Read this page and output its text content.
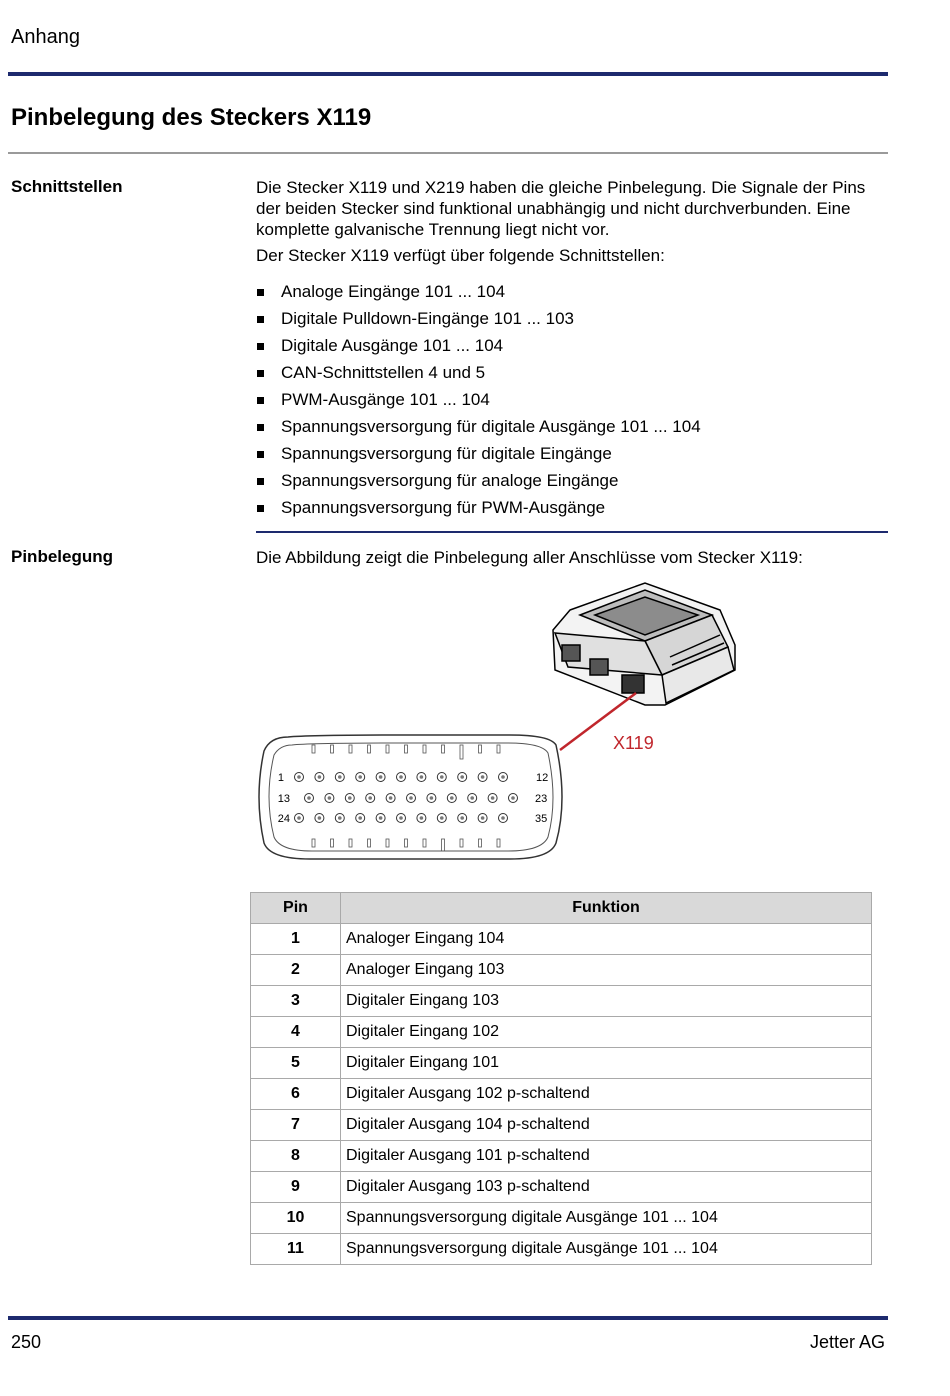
Anhang
Pinbelegung des Steckers X119
Schnittstellen	Die Stecker X119 und X219 haben die gleiche Pinbelegung. Die Signale der Pins der beiden Stecker sind funktional unabhängig und nicht durchverbunden. Eine komplette galvanische Trennung liegt nicht vor.
Der Stecker X119 verfügt über folgende Schnittstellen:
Analoge Eingänge 101 ... 104
Digitale Pulldown-Eingänge 101 ... 103
Digitale Ausgänge 101 ... 104
CAN-Schnittstellen 4 und 5
PWM-Ausgänge 101 ... 104
Spannungsversorgung für digitale Ausgänge 101 ... 104
Spannungsversorgung für digitale Eingänge
Spannungsversorgung für analoge Eingänge
Spannungsversorgung für PWM-Ausgänge
Pinbelegung	Die Abbildung zeigt die Pinbelegung aller Anschlüsse vom Stecker X119:
1	12
13	23
24	35
X119
Pin	Funktion
1	Analoger Eingang 104
2	Analoger Eingang 103
3	Digitaler Eingang 103
4	Digitaler Eingang 102
5	Digitaler Eingang 101
6	Digitaler Ausgang 102 p-schaltend
7	Digitaler Ausgang 104 p-schaltend
8	Digitaler Ausgang 101 p-schaltend
9	Digitaler Ausgang 103 p-schaltend
10	Spannungsversorgung digitale Ausgänge 101 ... 104
11	Spannungsversorgung digitale Ausgänge 101 ... 104
250	Jetter AG
